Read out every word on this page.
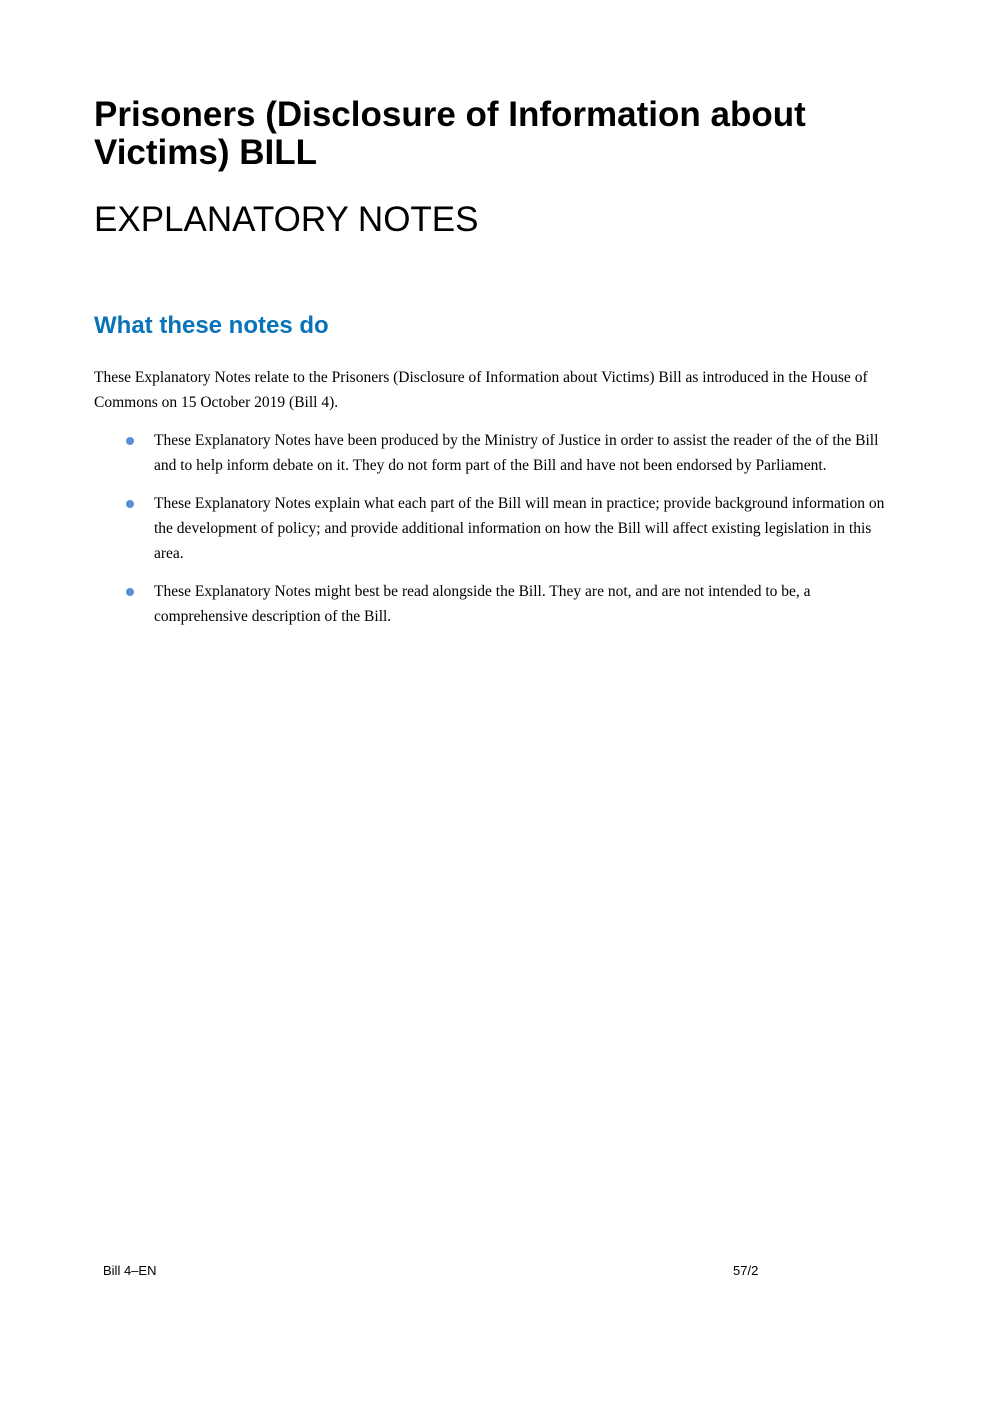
Prisoners (Disclosure of Information about Victims) BILL
EXPLANATORY NOTES
What these notes do

These Explanatory Notes relate to the Prisoners (Disclosure of Information about Victims) Bill as introduced in the House of Commons on 15 October 2019 (Bill 4).

These Explanatory Notes have been produced by the Ministry of Justice in order to assist the reader of the of the Bill and to help inform debate on it. They do not form part of the Bill and have not been endorsed by Parliament.
These Explanatory Notes explain what each part of the Bill will mean in practice; provide background information on the development of policy; and provide additional information on how the Bill will affect existing legislation in this area.
These Explanatory Notes might best be read alongside the Bill. They are not, and are not intended to be, a comprehensive description of the Bill.
Bill 4–EN	57/2
